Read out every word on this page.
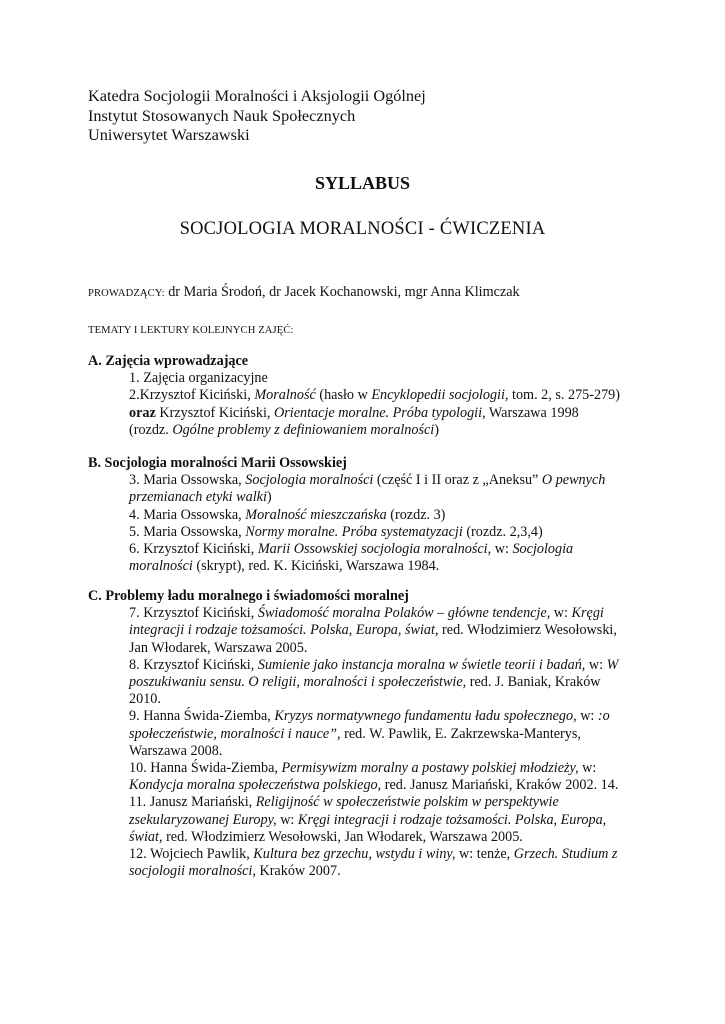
Katedra Socjologii Moralności i Aksjologii Ogólnej
Instytut Stosowanych Nauk Społecznych
Uniwersytet Warszawski
SYLLABUS
SOCJOLOGIA MORALNOŚCI - ĆWICZENIA
PROWADZĄCY: dr Maria Środoń, dr Jacek Kochanowski, mgr Anna Klimczak
TEMATY I LEKTURY KOLEJNYCH ZAJĘĆ:
A. Zajęcia wprowadzające
1. Zajęcia organizacyjne
2.Krzysztof Kiciński, Moralność (hasło w Encyklopedii socjologii, tom. 2, s. 275-279)
oraz Krzysztof Kiciński, Orientacje moralne. Próba typologii, Warszawa 1998
(rozdz. Ogólne problemy z definiowaniem moralności)
B. Socjologia moralności Marii Ossowskiej
3. Maria Ossowska, Socjologia moralności (część I i II oraz z „Aneksu” O pewnych
przemianach etyki walki)
4. Maria Ossowska, Moralność mieszczańska (rozdz. 3)
5. Maria Ossowska, Normy moralne. Próba systematyzacji (rozdz. 2,3,4)
6. Krzysztof Kiciński, Marii Ossowskiej socjologia moralności, w: Socjologia
moralności (skrypt), red. K. Kiciński, Warszawa 1984.
C. Problemy ładu moralnego i świadomości moralnej
7. Krzysztof Kiciński, Świadomość moralna Polaków – główne tendencje, w: Kręgi
integracji i rodzaje tożsamości. Polska, Europa, świat, red. Włodzimierz Wesołowski,
Jan Włodarek, Warszawa 2005.
8. Krzysztof Kiciński, Sumienie jako instancja moralna w świetle teorii i badań, w: W
poszukiwaniu sensu. O religii, moralności i społeczeństwie, red. J. Baniak, Kraków
2010.
9. Hanna Świda-Ziemba, Kryzys normatywnego fundamentu ładu społecznego, w: :o
społeczeństwie, moralności i nauce”, red. W. Pawlik, E. Zakrzewska-Manterys,
Warszawa 2008.
10. Hanna Świda-Ziemba, Permisywizm moralny a postawy polskiej młodzieży, w:
Kondycja moralna społeczeństwa polskiego, red. Janusz Mariański, Kraków 2002. 14.
11. Janusz Mariański, Religijność w społeczeństwie polskim w perspektywie
zsekularyzowanej Europy, w: Kręgi integracji i rodzaje tożsamości. Polska, Europa,
świat, red. Włodzimierz Wesołowski, Jan Włodarek, Warszawa 2005.
12. Wojciech Pawlik, Kultura bez grzechu, wstydu i winy, w: tenże, Grzech. Studium z
socjologii moralności, Kraków 2007.
